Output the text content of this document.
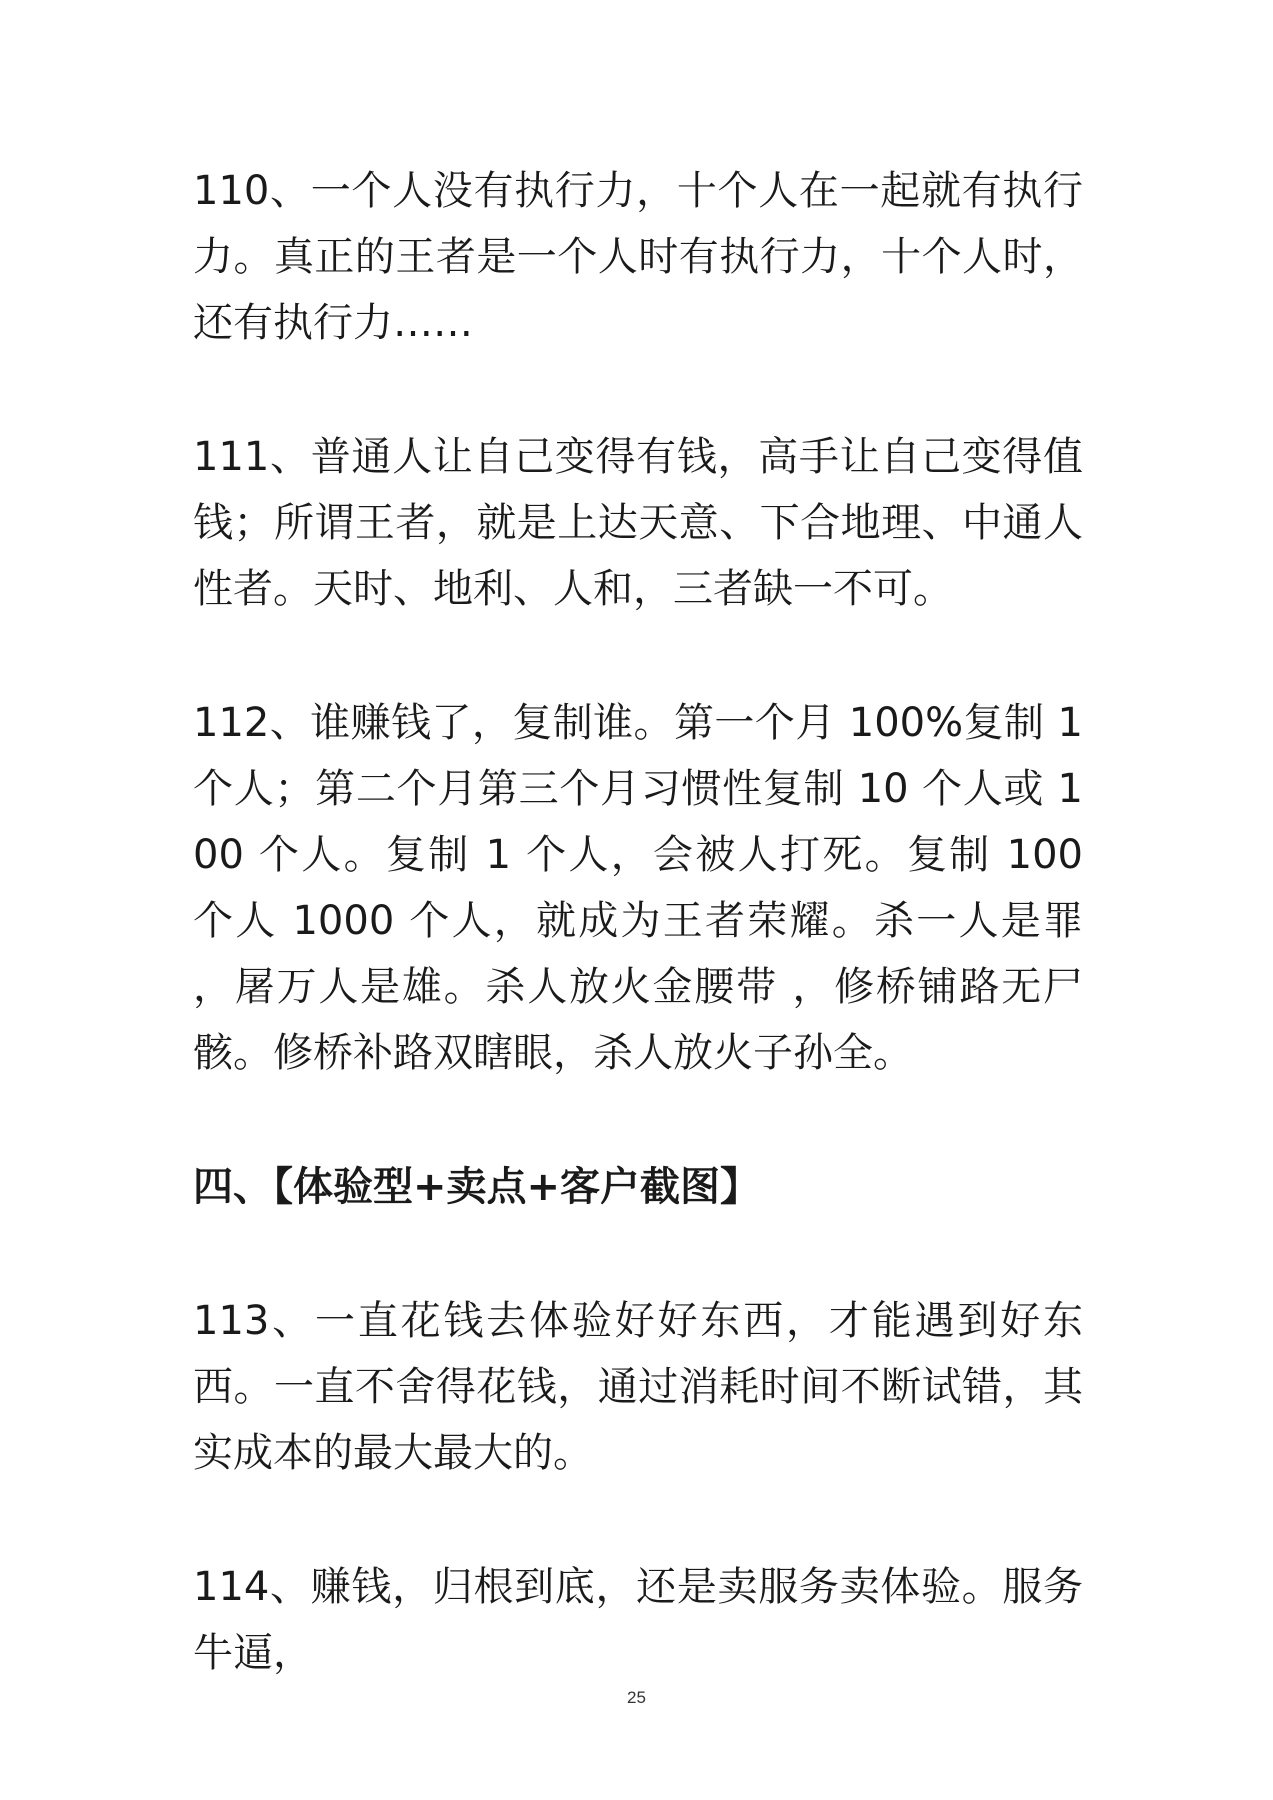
110、一个人没有执行力，十个人在一起就有执行力。真正的王者是一个人时有执行力，十个人时，还有执行力……

111、普通人让自己变得有钱，高手让自己变得值钱；所谓王者，就是上达天意、下合地理、中通人性者。天时、地利、人和，三者缺一不可。

112、谁赚钱了，复制谁。第一个月 100%复制 1 个人；第二个月第三个月习惯性复制 10 个人或 100 个人。复制 1 个人，会被人打死。复制 100 个人 1000 个人，就成为王者荣耀。杀一人是罪 ，屠万人是雄。杀人放火金腰带 ，修桥铺路无尸骸。修桥补路双瞎眼，杀人放火子孙全。

四、【体验型+卖点+客户截图】

113、一直花钱去体验好好东西，才能遇到好东西。一直不舍得花钱，通过消耗时间不断试错，其实成本的最大最大的。

114、赚钱，归根到底，还是卖服务卖体验。服务牛逼，

25
